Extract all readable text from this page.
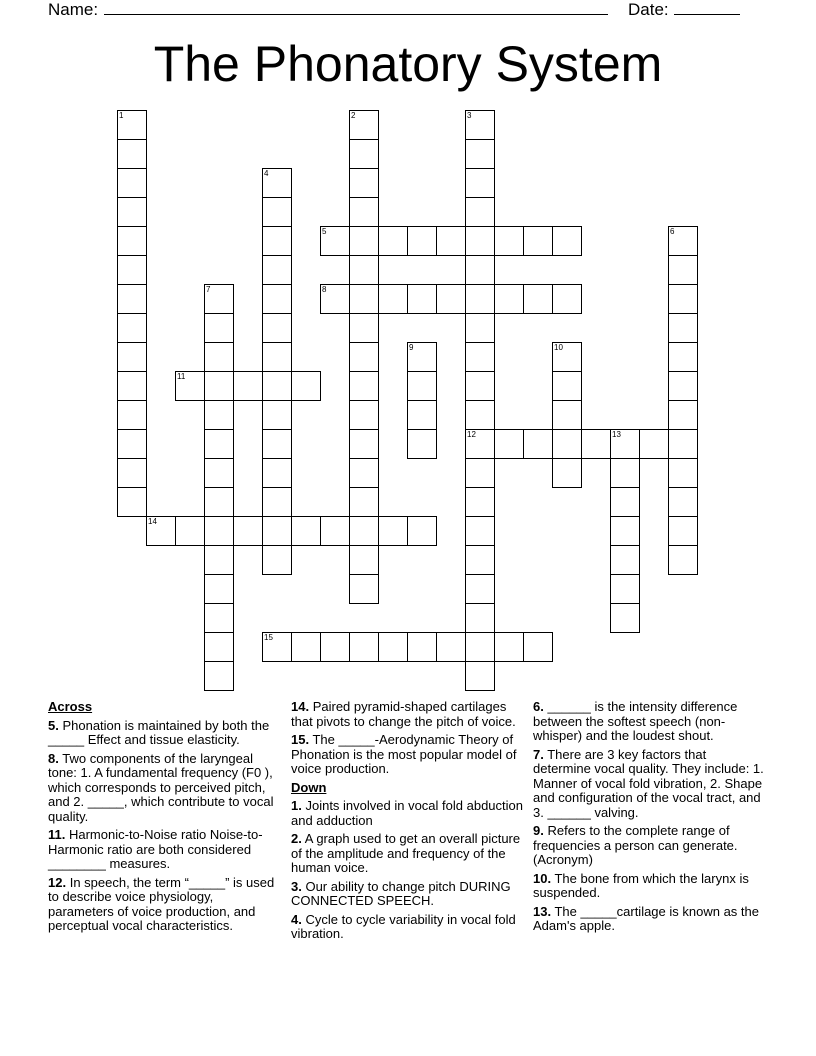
Name:	Date:
The Phonatory System
1	2	3
4
5	6
7	8
9	10
11
12	13
14
15
Across
5. Phonation is maintained by both the _____ Effect and tissue elasticity.
8. Two components of the laryngeal tone: 1. A fundamental frequency (F0 ), which corresponds to perceived pitch, and 2. _____, which contribute to vocal quality.
11. Harmonic-to-Noise ratio Noise-to-Harmonic ratio are both considered ________ measures.
12. In speech, the term “_____” is used to describe voice physiology, parameters of voice production, and perceptual vocal characteristics.
14. Paired pyramid-shaped cartilages that pivots to change the pitch of voice.
15. The _____-Aerodynamic Theory of Phonation is the most popular model of voice production.
Down
1. Joints involved in vocal fold abduction and adduction
2. A graph used to get an overall picture of the amplitude and frequency of the human voice.
3. Our ability to change pitch DURING CONNECTED SPEECH.
4. Cycle to cycle variability in vocal fold vibration.
6. ______ is the intensity difference between the softest speech (non-whisper) and the loudest shout.
7. There are 3 key factors that determine vocal quality. They include: 1. Manner of vocal fold vibration, 2. Shape and configuration of the vocal tract, and 3. ______ valving.
9. Refers to the complete range of frequencies a person can generate. (Acronym)
10. The bone from which the larynx is suspended.
13. The _____cartilage is known as the Adam's apple.
